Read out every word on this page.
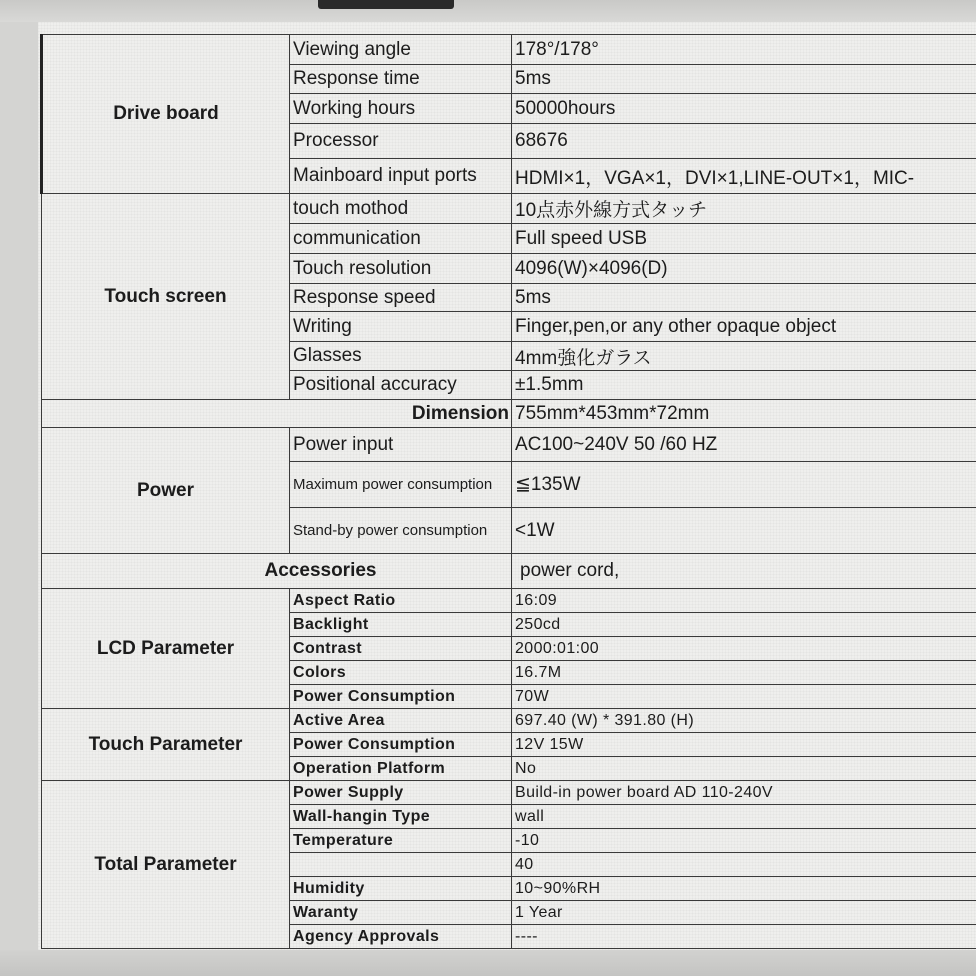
Drive board	Viewing angle	178°/178°
	Response time	5ms
	Working hours	50000hours
	Processor	68676
	Mainboard input ports	HDMI×1，VGA×1，DVI×1,LINE-OUT×1，MIC-
Touch screen	touch mothod	10点赤外線方式タッチ
	communication	Full speed USB
	Touch resolution	4096(W)×4096(D)
	Response speed	5ms
	Writing	Finger,pen,or any other opaque object
	Glasses	4mm強化ガラス
	Positional accuracy	±1.5mm
Dimension		755mm*453mm*72mm
Power	Power input	AC100~240V 50 /60 HZ
	Maximum power consumption	≦135W
	Stand-by power consumption	<1W
Accessories		power cord,
LCD Parameter	Aspect Ratio	16:09
	Backlight	250cd
	Contrast	2000:01:00
	Colors	16.7M
	Power Consumption	70W
Touch Parameter	Active Area	697.40 (W) * 391.80 (H)
	Power Consumption	12V 15W
	Operation Platform	No
Total Parameter	Power Supply	Build-in power board AD 110-240V
	Wall-hangin Type	wall
	Temperature	-10
		40
	Humidity	10~90%RH
	Waranty	1 Year
	Agency Approvals	----
